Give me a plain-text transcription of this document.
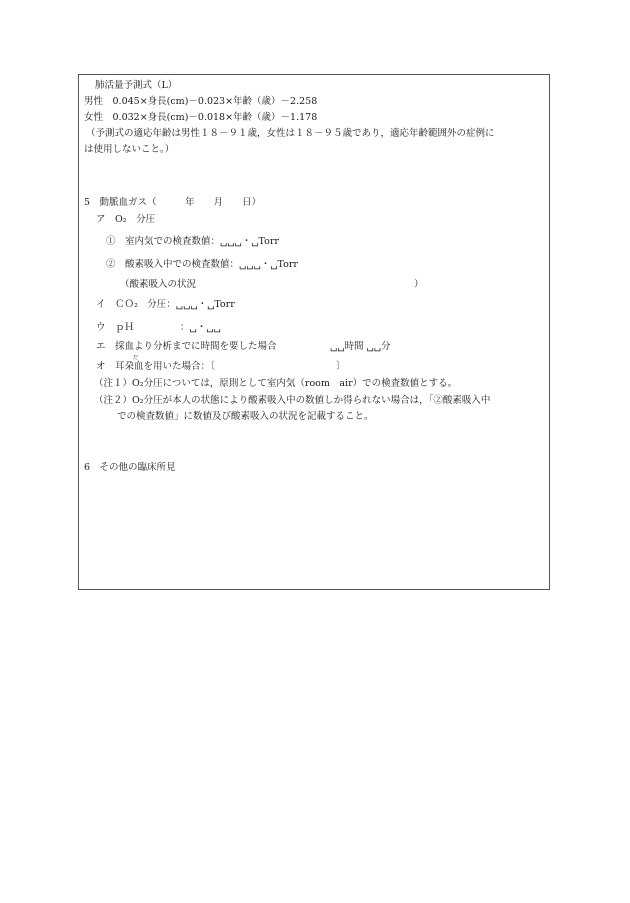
肺活量予測式（L）
男性　0.045×身長(cm)－0.023×年齢（歳）－2.258
女性　0.032×身長(cm)－0.018×年齢（歳）－1.178
（予測式の適応年齢は男性１８－９１歳，女性は１８－９５歳であり，適応年齢範囲外の症例に
は使用しないこと。）
5　動脈血ガス（　　　年　　月　　日）
ア　O₂　分圧
①　室内気での検査数値：␣␣␣・␣Torr
②　酸素吸入中での検査数値：␣␣␣・␣Torr
（酸素吸入の状況	）
イ　ＣＯ₂　分圧：␣␣␣・␣Torr
ウ　ｐＨ	：␣・␣␣
エ　採血より分析までに時間を要した場合	␣␣時間 ␣␣分
だ
オ　耳朶血を用いた場合：〔	〕
（注１）O₂分圧については，原則として室内気（room　air）での検査数値とする。
（注２）O₂分圧が本人の状態により酸素吸入中の数値しか得られない場合は，「②酸素吸入中
での検査数値」に数値及び酸素吸入の状況を記載すること。
6　その他の臨床所見
